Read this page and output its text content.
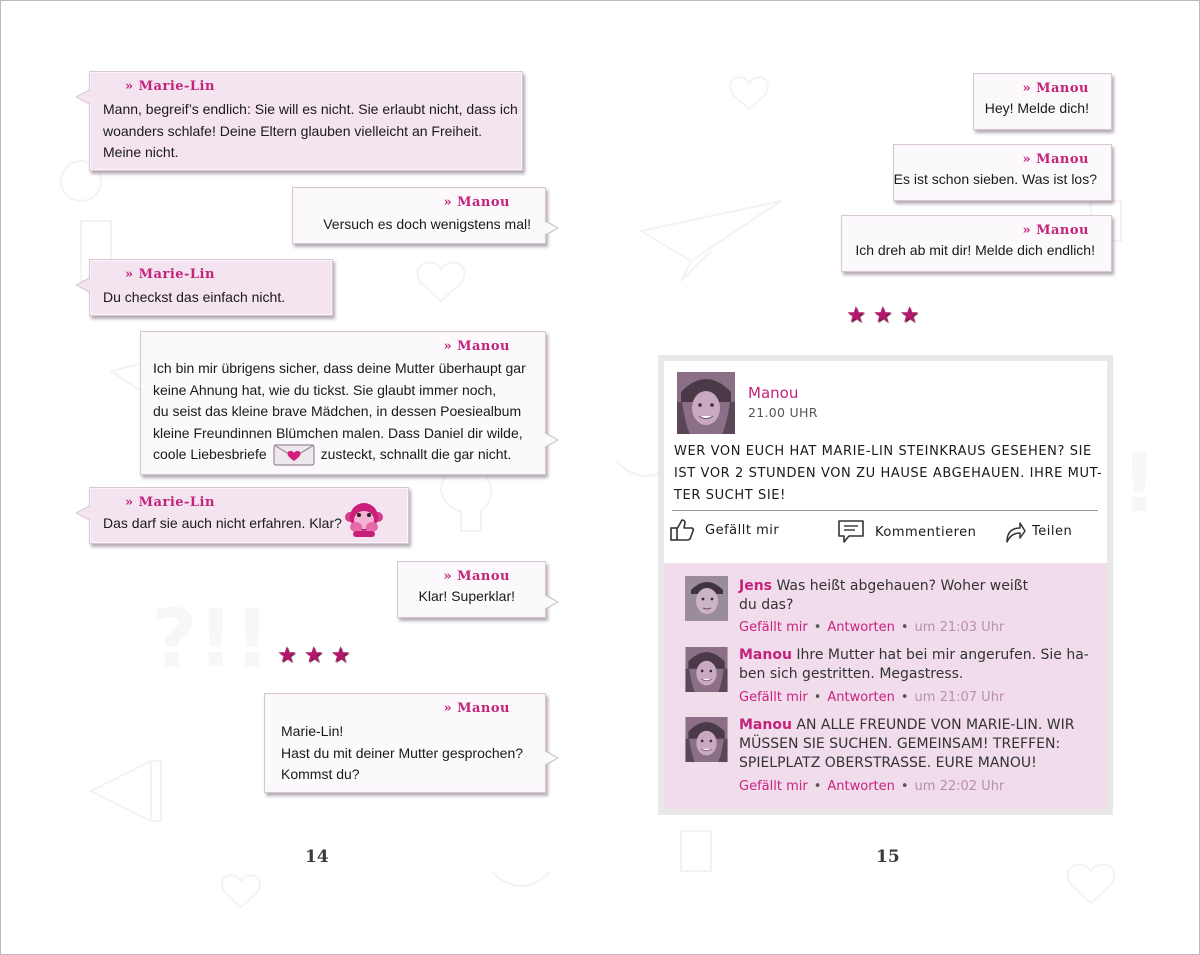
?!!
!
» Marie-Lin
Mann, begreif’s endlich: Sie will es nicht. Sie erlaubt nicht, dass ich
woanders schlafe! Deine Eltern glauben vielleicht an Freiheit.
Meine nicht.
» Manou
Versuch es doch wenigstens mal!
» Marie-Lin
Du checkst das einfach nicht.
» Manou
Ich bin mir übrigens sicher, dass deine Mutter überhaupt gar
keine Ahnung hat, wie du tickst. Sie glaubt immer noch,
du seist das kleine brave Mädchen, in dessen Poesiealbum
kleine Freundinnen Blümchen malen. Dass Daniel dir wilde,
coole Liebesbriefe	zusteckt, schnallt die gar nicht.
» Marie-Lin
Das darf sie auch nicht erfahren. Klar?
» Manou
Klar! Superklar!
★★★
» Manou
Marie-Lin!
Hast du mit deiner Mutter gesprochen?
Kommst du?
14
» Manou
Hey! Melde dich!
» Manou
Es ist schon sieben. Was ist los?
» Manou
Ich dreh ab mit dir! Melde dich endlich!
★★★
Manou
21.00 UHR
WER VON EUCH HAT MARIE-LIN STEINKRAUS GESEHEN? SIE
IST VOR 2 STUNDEN VON ZU HAUSE ABGEHAUEN. IHRE MUT-
TER SUCHT SIE!
Gefällt mir	Kommentieren	Teilen
Jens Was heißt abgehauen? Woher weißt
du das?
Gefällt mir • Antworten • um 21:03 Uhr
Manou Ihre Mutter hat bei mir angerufen. Sie ha-
ben sich gestritten. Megastress.
Gefällt mir • Antworten • um 21:07 Uhr
Manou AN ALLE FREUNDE VON MARIE-LIN. WIR
MÜSSEN SIE SUCHEN. GEMEINSAM! TREFFEN:
SPIELPLATZ OBERSTRASSE. EURE MANOU!
Gefällt mir • Antworten • um 22:02 Uhr
15
